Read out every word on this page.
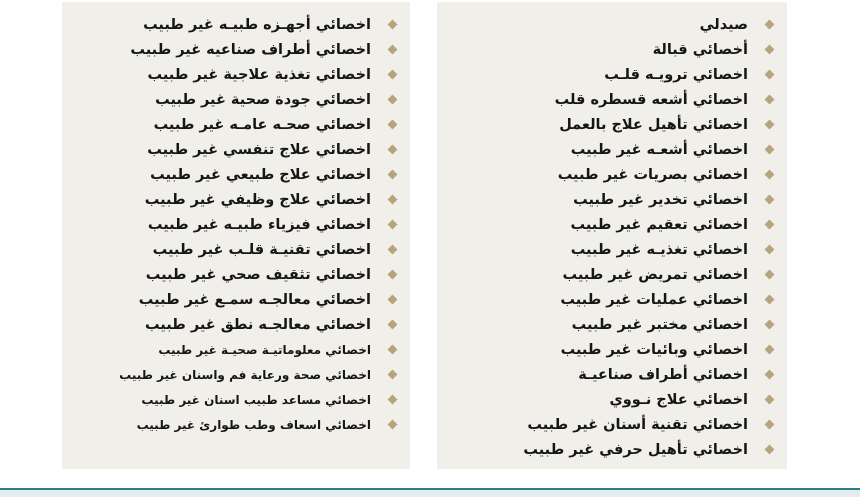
صيدلي
أخصائي قبالة
اخصائي ترويـه قلـب
اخصائي أشعه قسطره قلب
اخصائي تأهيل علاج بالعمل
اخصائي أشعـه غير طبيب
اخصائي بصريات غير طبيب
اخصائي تخدير غير طبيب
اخصائي تعقيم غير طبيب
اخصائي تغذيـه غير طبيب
اخصائي تمريض غير طبيب
اخصائي عمليات غير طبيب
اخصائي مختبر غير طبيب
اخصائي وبائيات غير طبيب
اخصائي أطراف صناعيـة
اخصائي علاج نـووي
اخصائي تقنية أسنان غير طبيب
اخصائي تأهيل حرفي غير طبيب
اخصائي أجهـزه طبيـه غير طبيب
اخصائي أطراف صناعيه غير طبيب
اخصائي تغذية علاجية غير طبيب
اخصائي جودة صحية غير طبيب
اخصائي صحـه عامـه غير طبيب
اخصائي علاج تنفسي غير طبيب
اخصائي علاج طبيعي غير طبيب
اخصائي علاج وظيفي غير طبيب
اخصائي فيزياء طبيـه غير طبيب
اخصائي تقنيـة قلـب غير طبيب
اخصائي تثقيف صحي غير طبيب
اخصائي معالجـه سمـع غير طبيب
اخصائي معالجـه نطق غير طبيب
اخصائي معلوماتيـة صحيـة غير طبيب
اخصائي صحة ورعاية فم واسنان غير طبيب
اخصائي مساعد طبيب اسنان غير طبيب
اخصائي اسعاف وطب طوارئ غير طبيب
